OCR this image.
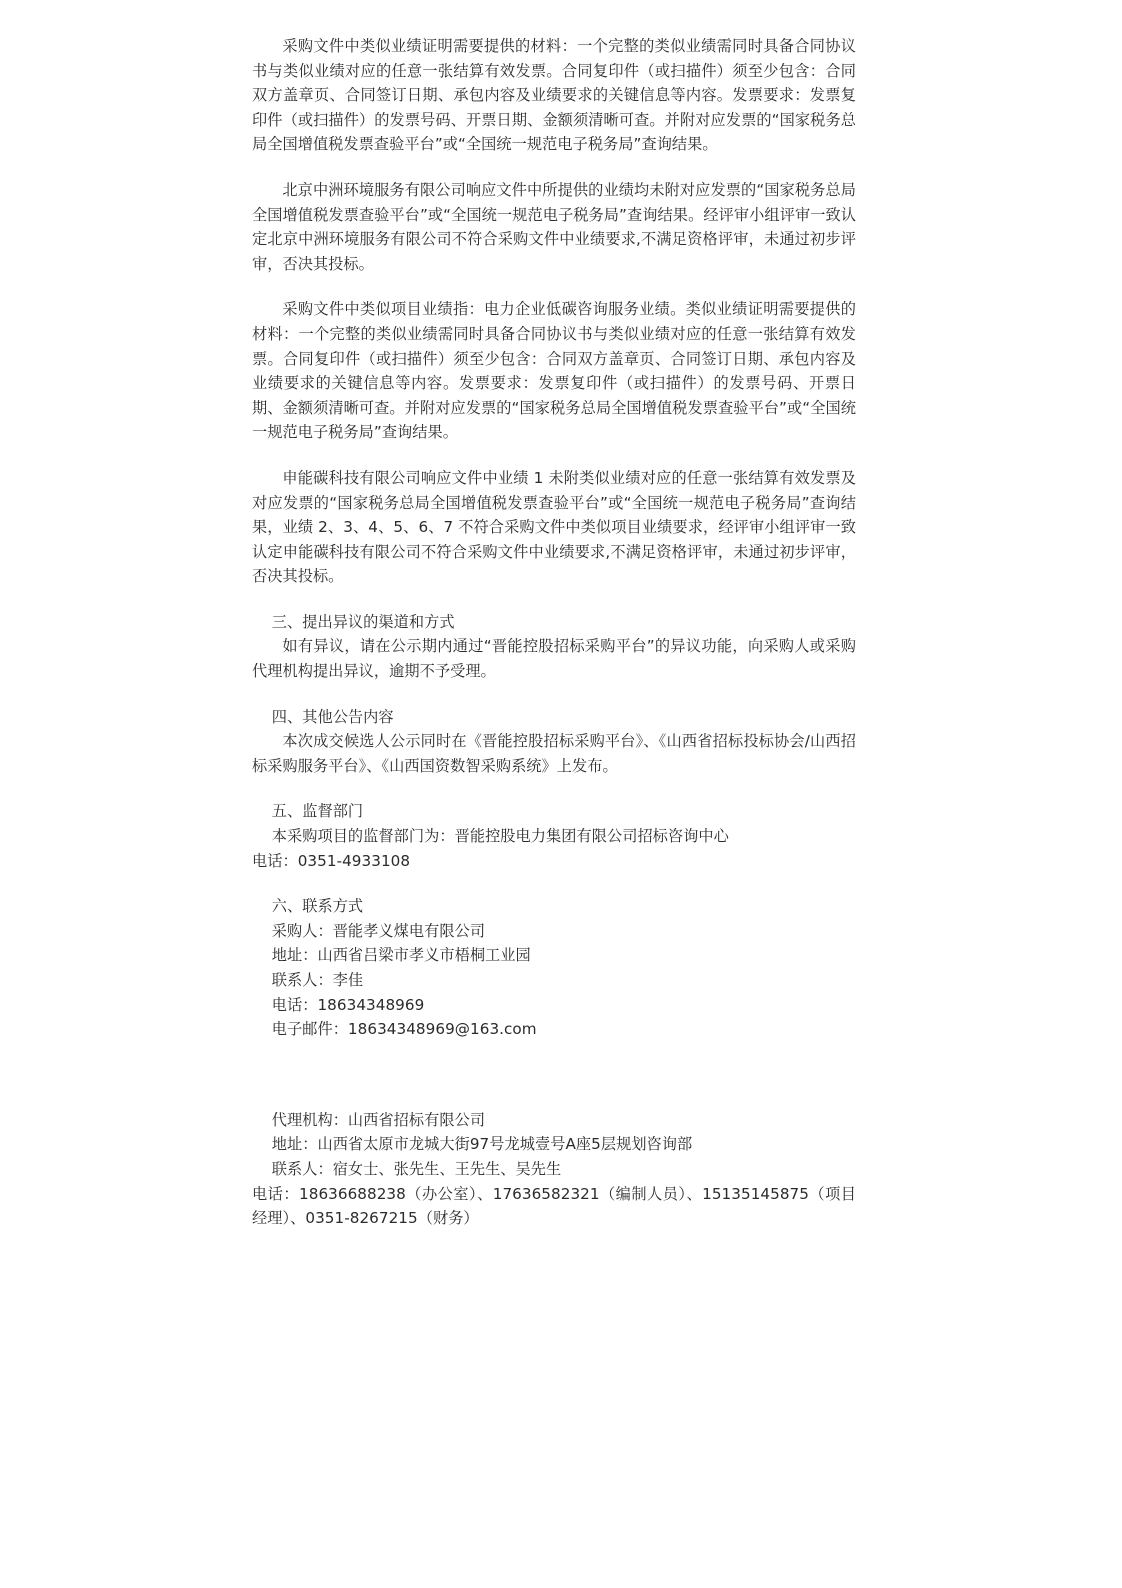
采购文件中类似业绩证明需要提供的材料：一个完整的类似业绩需同时具备合同协议书与类似业绩对应的任意一张结算有效发票。合同复印件（或扫描件）须至少包含：合同双方盖章页、合同签订日期、承包内容及业绩要求的关键信息等内容。发票要求：发票复印件（或扫描件）的发票号码、开票日期、金额须清晰可查。并附对应发票的“国家税务总局全国增值税发票查验平台”或“全国统一规范电子税务局”查询结果。

北京中洲环境服务有限公司响应文件中所提供的业绩均未附对应发票的“国家税务总局全国增值税发票查验平台”或“全国统一规范电子税务局”查询结果。经评审小组评审一致认定北京中洲环境服务有限公司不符合采购文件中业绩要求,不满足资格评审，未通过初步评审，否决其投标。

采购文件中类似项目业绩指：电力企业低碳咨询服务业绩。类似业绩证明需要提供的材料：一个完整的类似业绩需同时具备合同协议书与类似业绩对应的任意一张结算有效发票。合同复印件（或扫描件）须至少包含：合同双方盖章页、合同签订日期、承包内容及业绩要求的关键信息等内容。发票要求：发票复印件（或扫描件）的发票号码、开票日期、金额须清晰可查。并附对应发票的“国家税务总局全国增值税发票查验平台”或“全国统一规范电子税务局”查询结果。

申能碳科技有限公司响应文件中业绩 1 未附类似业绩对应的任意一张结算有效发票及对应发票的“国家税务总局全国增值税发票查验平台”或“全国统一规范电子税务局”查询结果，业绩 2、3、4、5、6、7 不符合采购文件中类似项目业绩要求，经评审小组评审一致认定申能碳科技有限公司不符合采购文件中业绩要求,不满足资格评审，未通过初步评审，否决其投标。

三、提出异议的渠道和方式

如有异议，请在公示期内通过“晋能控股招标采购平台”的异议功能，向采购人或采购代理机构提出异议，逾期不予受理。

四、其他公告内容

本次成交候选人公示同时在《晋能控股招标采购平台》、《山西省招标投标协会/山西招标采购服务平台》、《山西国资数智采购系统》上发布。

五、监督部门

本采购项目的监督部门为：晋能控股电力集团有限公司招标咨询中心

电话：0351-4933108

六、联系方式

采购人：晋能孝义煤电有限公司

地址：山西省吕梁市孝义市梧桐工业园

联系人：李佳

电话：18634348969

电子邮件：18634348969@163.com

代理机构：山西省招标有限公司

地址：山西省太原市龙城大街97号龙城壹号A座5层规划咨询部

联系人：宿女士、张先生、王先生、吴先生

电话：18636688238（办公室）、17636582321（编制人员）、15135145875（项目经理）、0351-8267215（财务）
